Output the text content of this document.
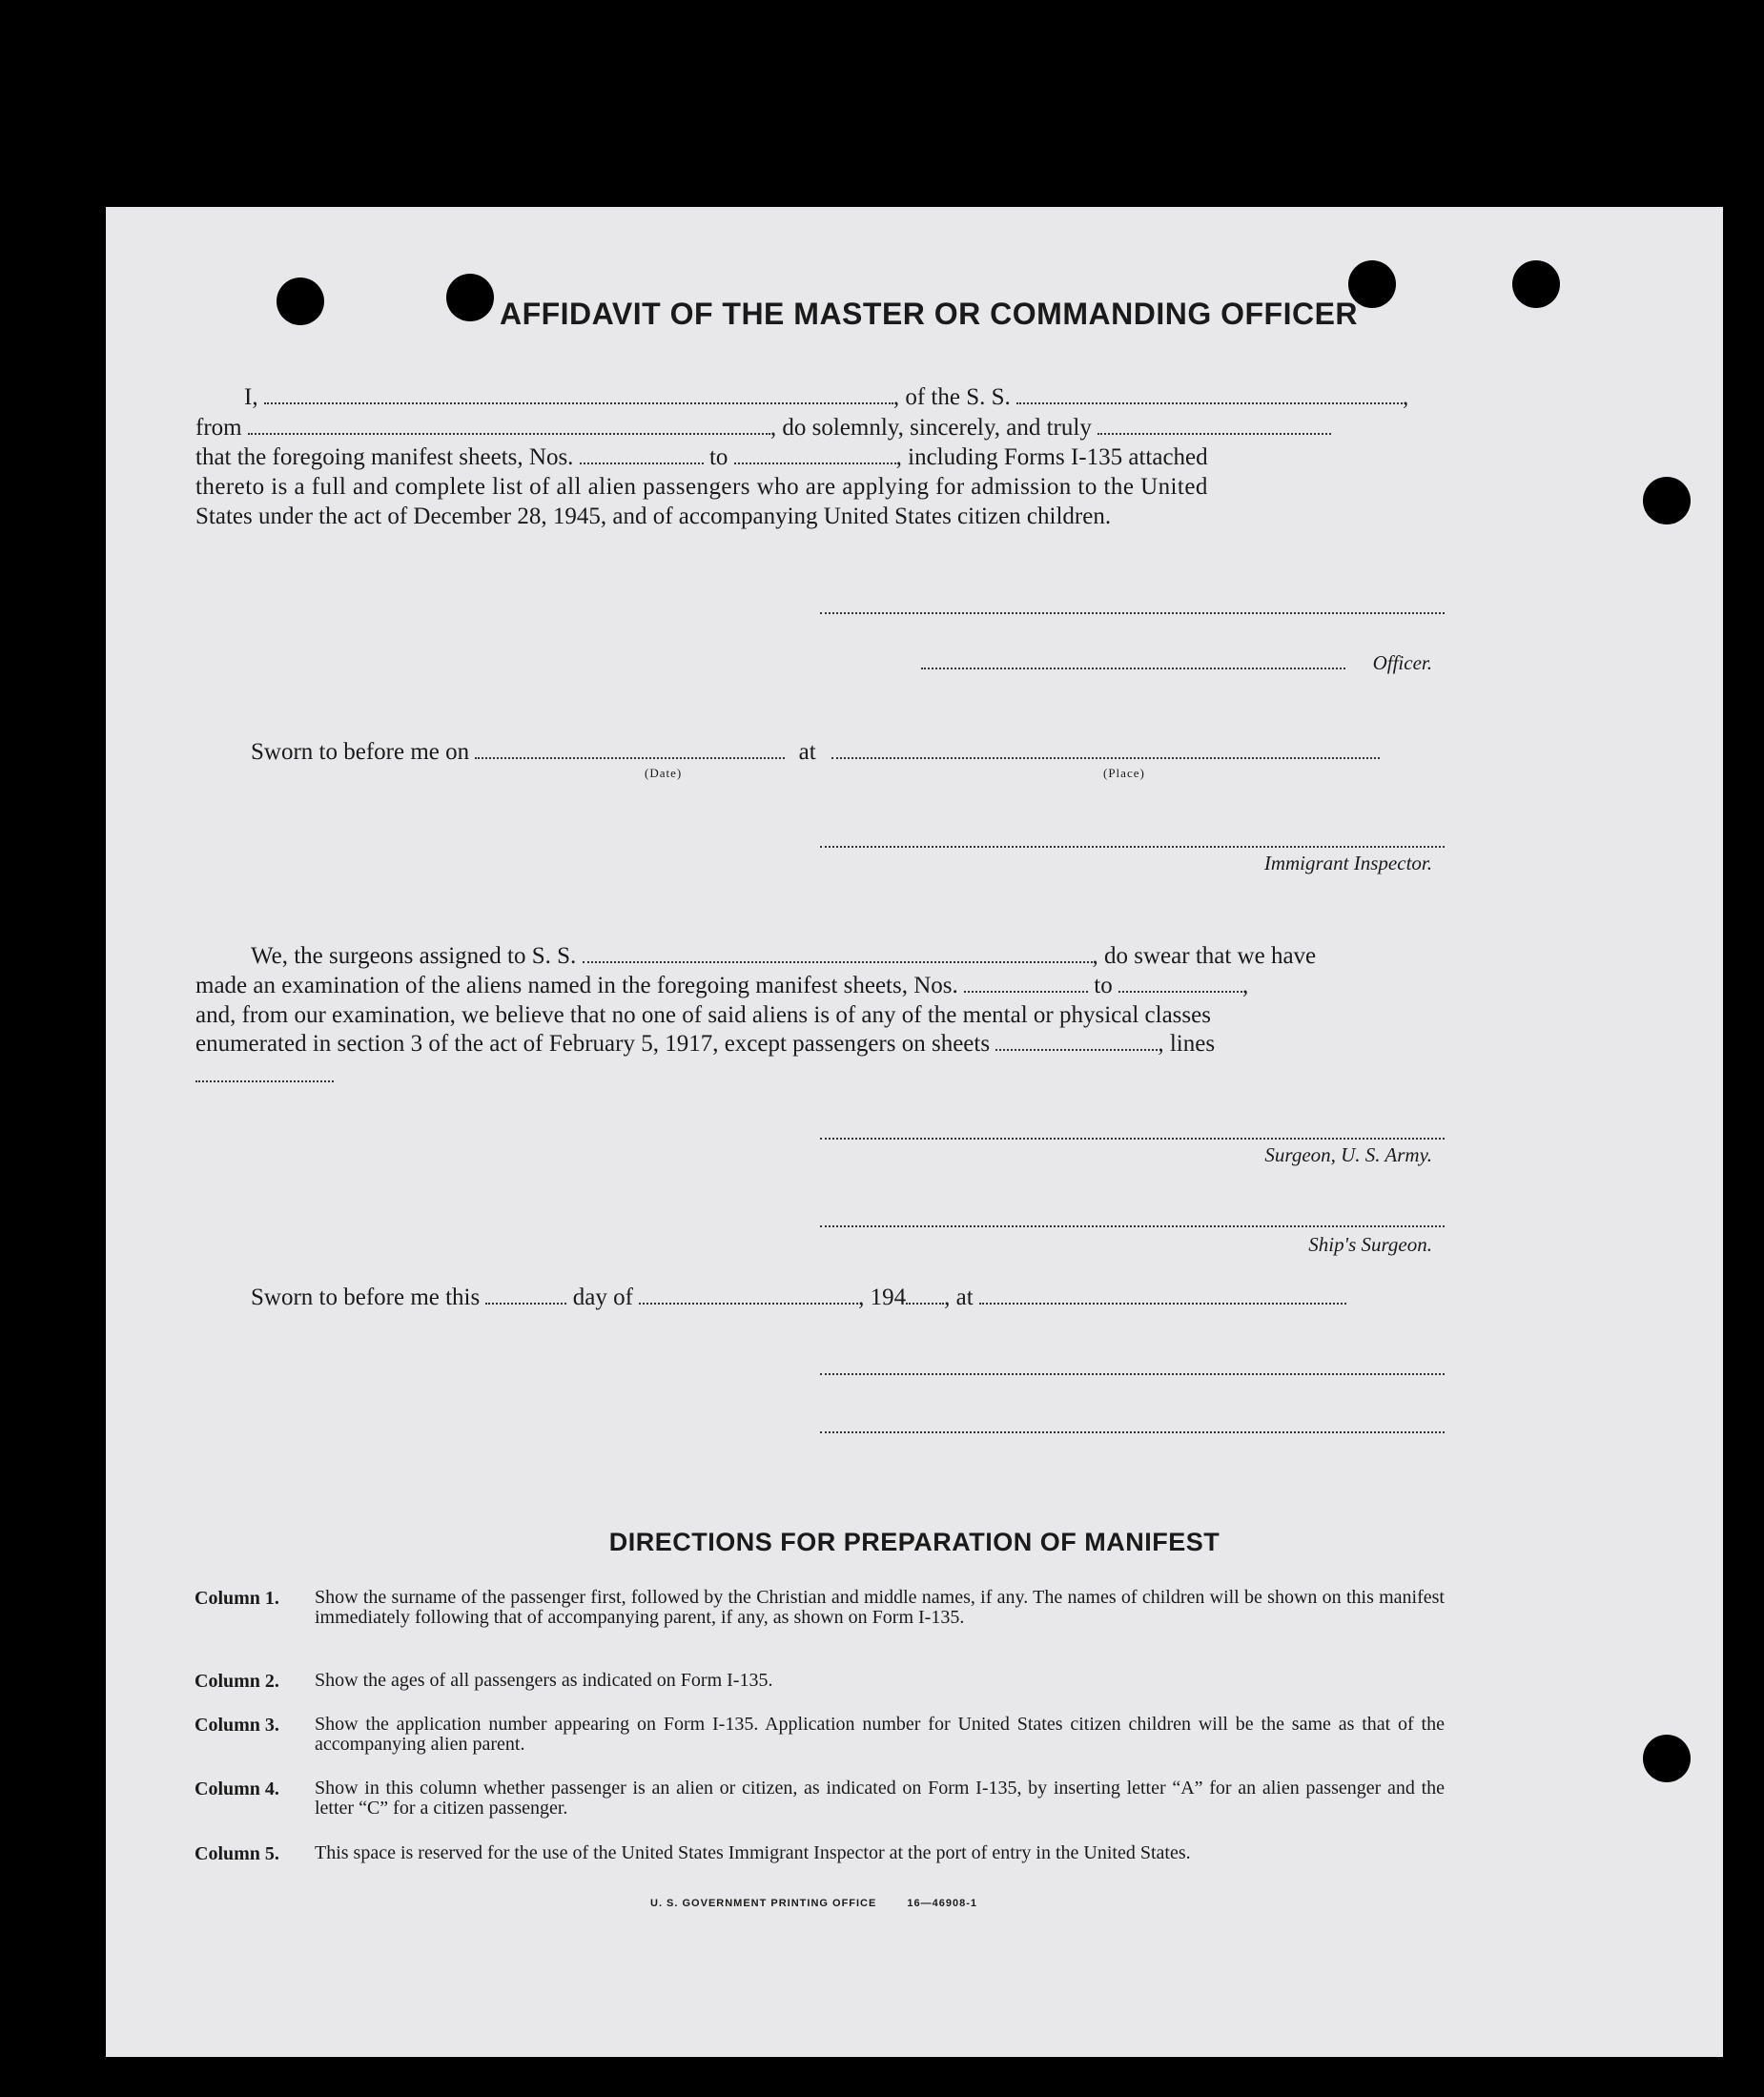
AFFIDAVIT OF THE MASTER OR COMMANDING OFFICER
I,	, of the S. S.	,
from	, do solemnly, sincerely, and truly
that the foregoing manifest sheets, Nos.	to	, including Forms I-135 attached
thereto is a full and complete list of all alien passengers who are applying for admission to the United
States under the act of December 28, 1945, and of accompanying United States citizen children.
Officer.
Sworn to before me on	at
(Date)	(Place)
Immigrant Inspector.
We, the surgeons assigned to S. S.	, do swear that we have
made an examination of the aliens named in the foregoing manifest sheets, Nos.	to	,
and, from our examination, we believe that no one of said aliens is of any of the mental or physical classes
enumerated in section 3 of the act of February 5, 1917, except passengers on sheets	, lines
Surgeon, U. S. Army.
Ship's Surgeon.
Sworn to before me this	day of	, 194 , at
DIRECTIONS FOR PREPARATION OF MANIFEST
Column 1. Show the surname of the passenger first, followed by the Christian and middle names, if any. The names of children will be shown on this manifest immediately following that of accompanying parent, if any, as shown on Form I-135.
Column 2. Show the ages of all passengers as indicated on Form I-135.
Column 3. Show the application number appearing on Form I-135. Application number for United States citizen children will be the same as that of the accompanying alien parent.
Column 4. Show in this column whether passenger is an alien or citizen, as indicated on Form I-135, by inserting letter “A” for an alien passenger and the letter “C” for a citizen passenger.
Column 5. This space is reserved for the use of the United States Immigrant Inspector at the port of entry in the United States.
U. S. GOVERNMENT PRINTING OFFICE	16—46908-1
